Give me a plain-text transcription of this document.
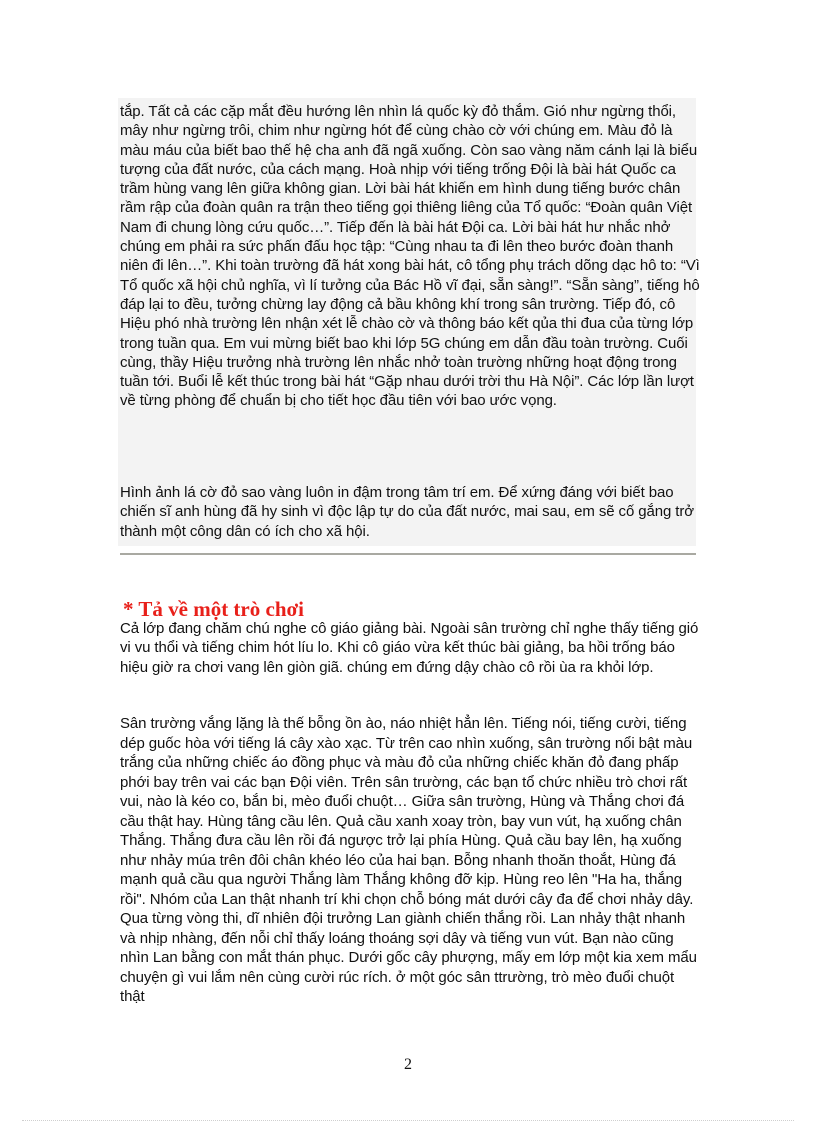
tắp. Tất cả các cặp mắt đều hướng lên nhìn lá quốc kỳ đỏ thắm. Gió như ngừng thổi, mây như ngừng trôi, chim như ngừng hót để cùng chào cờ với chúng em. Màu đỏ là màu máu của biết bao thế hệ cha anh đã ngã xuống. Còn sao vàng năm cánh lại là biểu tượng của đất nước, của cách mạng. Hoà nhịp với tiếng trống Đội là bài hát Quốc ca trầm hùng vang lên giữa không gian. Lời bài hát khiến em hình dung tiếng bước chân rầm rập của đoàn quân ra trận theo tiếng gọi thiêng liêng của Tổ quốc: “Đoàn quân Việt Nam đi chung lòng cứu quốc…”. Tiếp đến là bài hát Đội ca. Lời bài hát hư nhắc nhở chúng em phải ra sức phấn đấu học tập: “Cùng nhau ta đi lên theo bước đoàn thanh niên đi lên…”. Khi toàn trường đã hát xong bài hát, cô tổng phụ trách dõng dạc hô to: “Vì Tổ quốc xã hội chủ nghĩa, vì lí tưởng của Bác Hồ vĩ đại, sẵn sàng!”. “Sẵn sàng”, tiếng hô đáp lại to đều, tưởng chừng lay động cả bầu không khí trong sân trường. Tiếp đó, cô Hiệu phó nhà trường lên nhận xét lễ chào cờ và thông báo kết qủa thi đua của từng lớp trong tuần qua. Em vui mừng biết bao khi lớp 5G chúng em dẫn đầu toàn trường. Cuối cùng, thầy Hiệu trưởng nhà trường lên nhắc nhở toàn trường những hoạt động trong tuần tới. Buổi lễ kết thúc trong bài hát “Gặp nhau dưới trời thu Hà Nội”. Các lớp lần lượt về từng phòng để chuẩn bị cho tiết học đầu tiên với bao ước vọng.

Hình ảnh lá cờ đỏ sao vàng luôn in đậm trong tâm trí em. Để xứng đáng với biết bao chiến sĩ anh hùng đã hy sinh vì độc lập tự do của đất nước, mai sau, em sẽ cố gắng trở thành một công dân có ích cho xã hội.

* Tả về một trò chơi

Cả lớp đang chăm chú nghe cô giáo giảng bài. Ngoài sân trường chỉ nghe thấy tiếng gió vi vu thổi và tiếng chim hót líu lo. Khi cô giáo vừa kết thúc bài giảng, ba hồi trống báo hiệu giờ ra chơi vang lên giòn giã. chúng em đứng dậy chào cô rồi ùa ra khỏi lớp.

Sân trường vắng lặng là thế bỗng ồn ào, náo nhiệt hẳn lên. Tiếng nói, tiếng cười, tiếng dép guốc hòa với tiếng lá cây xào xạc. Từ trên cao nhìn xuống, sân trường nổi bật màu trắng của những chiếc áo đồng phục và màu đỏ của những chiếc khăn đỏ đang phấp phới bay trên vai các bạn Đội viên. Trên sân trường, các bạn tổ chức nhiều trò chơi rất vui, nào là kéo co, bắn bi, mèo đuổi chuột… Giữa sân trường, Hùng và Thắng chơi đá cầu thật hay. Hùng tâng cầu lên. Quả cầu xanh xoay tròn, bay vun vút, hạ xuống chân Thắng. Thắng đưa cầu lên rồi đá ngược trở lại phía Hùng. Quả cầu bay lên, hạ xuống như nhảy múa trên đôi chân khéo léo của hai bạn. Bỗng nhanh thoăn thoắt, Hùng đá mạnh quả cầu qua người Thắng làm Thắng không đỡ kịp. Hùng reo lên "Ha ha, thắng rồi". Nhóm của Lan thật nhanh trí khi chọn chỗ bóng mát dưới cây đa để chơi nhảy dây. Qua từng vòng thi, dĩ nhiên đội trưởng Lan giành chiến thắng rồi. Lan nhảy thật nhanh và nhịp nhàng, đến nỗi chỉ thấy loáng thoáng sợi dây và tiếng vun vút. Bạn nào cũng nhìn Lan bằng con mắt thán phục. Dưới gốc cây phượng, mấy em lớp một kia xem mẩu chuyện gì vui lắm nên cùng cười rúc rích. ở một góc sân ttrường, trò mèo đuổi chuột thật

2
